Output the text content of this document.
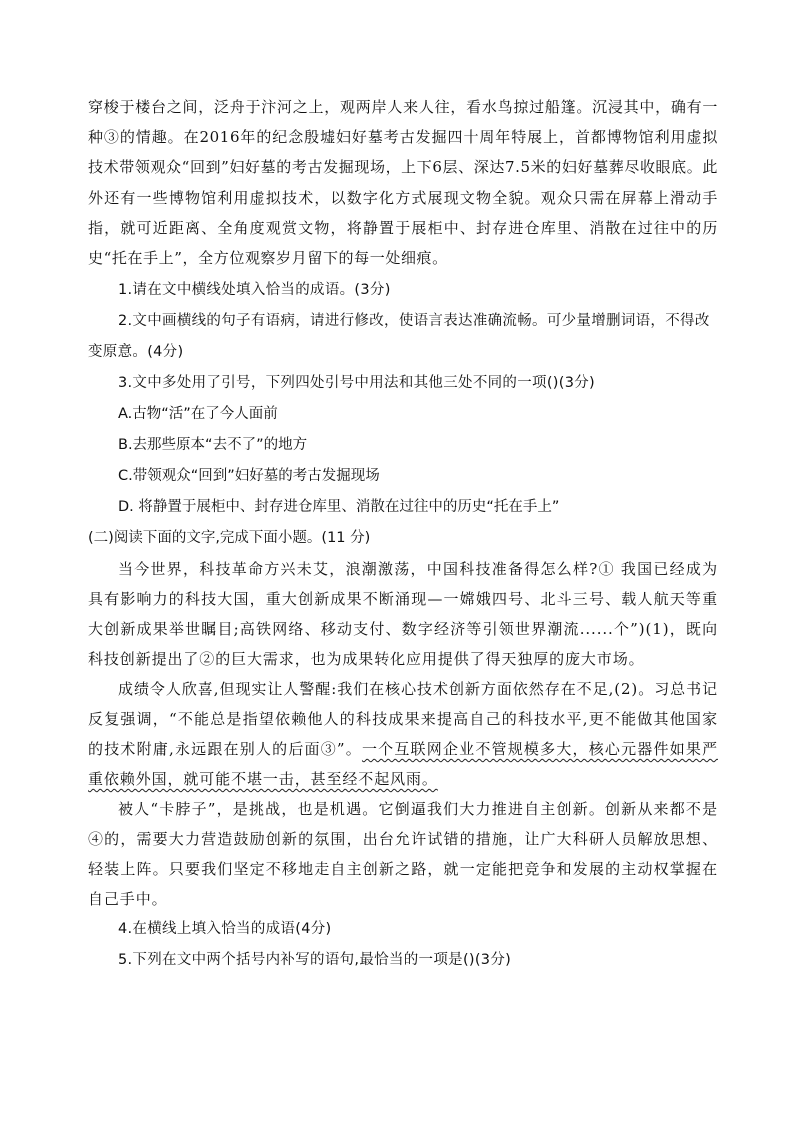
穿梭于楼台之间，泛舟于汴河之上，观两岸人来人往，看水鸟掠过船篷。沉浸其中，确有一种③的情趣。在2016年的纪念殷墟妇好墓考古发掘四十周年特展上，首都博物馆利用虚拟技术带领观众“回到”妇好墓的考古发掘现场，上下6层、深达7.5米的妇好墓葬尽收眼底。此外还有一些博物馆利用虚拟技术，以数字化方式展现文物全貌。观众只需在屏幕上滑动手指，就可近距离、全角度观赏文物，将静置于展柜中、封存进仓库里、消散在过往中的历史“托在手上”，全方位观察岁月留下的每一处细痕。

1.请在文中横线处填入恰当的成语。(3分)

2.文中画横线的句子有语病，请进行修改，使语言表达准确流畅。可少量增删词语，不得改变原意。(4分)

3.文中多处用了引号，下列四处引号中用法和其他三处不同的一项()(3分)

A.古物“活”在了今人面前

B.去那些原本“去不了”的地方

C.带领观众“回到”妇好墓的考古发掘现场

D. 将静置于展柜中、封存进仓库里、消散在过往中的历史“托在手上”

(二)阅读下面的文字,完成下面小题。(11 分)

当今世界，科技革命方兴未艾，浪潮激荡，中国科技准备得怎么样?① 我国已经成为具有影响力的科技大国，重大创新成果不断涌现—一嫦娥四号、北斗三号、载人航天等重大创新成果举世瞩目;高铁网络、移动支付、数字经济等引领世界潮流......个”)(1)，既向科技创新提出了②的巨大需求，也为成果转化应用提供了得天独厚的庞大市场。

成绩令人欣喜,但现实让人警醒:我们在核心技术创新方面依然存在不足,(2)。习总书记反复强调，“不能总是指望依赖他人的科技成果来提高自己的科技水平,更不能做其他国家的技术附庸,永远跟在别人的后面③”。一个互联网企业不管规模多大，核心元器件如果严重依赖外国，就可能不堪一击，甚至经不起风雨。

被人“卡脖子”，是挑战，也是机遇。它倒逼我们大力推进自主创新。创新从来都不是④的，需要大力营造鼓励创新的氛围，出台允许试错的措施，让广大科研人员解放思想、轻装上阵。只要我们坚定不移地走自主创新之路，就一定能把竞争和发展的主动权掌握在自己手中。

4.在横线上填入恰当的成语(4分)

5.下列在文中两个括号内补写的语句,最恰当的一项是()(3分)
